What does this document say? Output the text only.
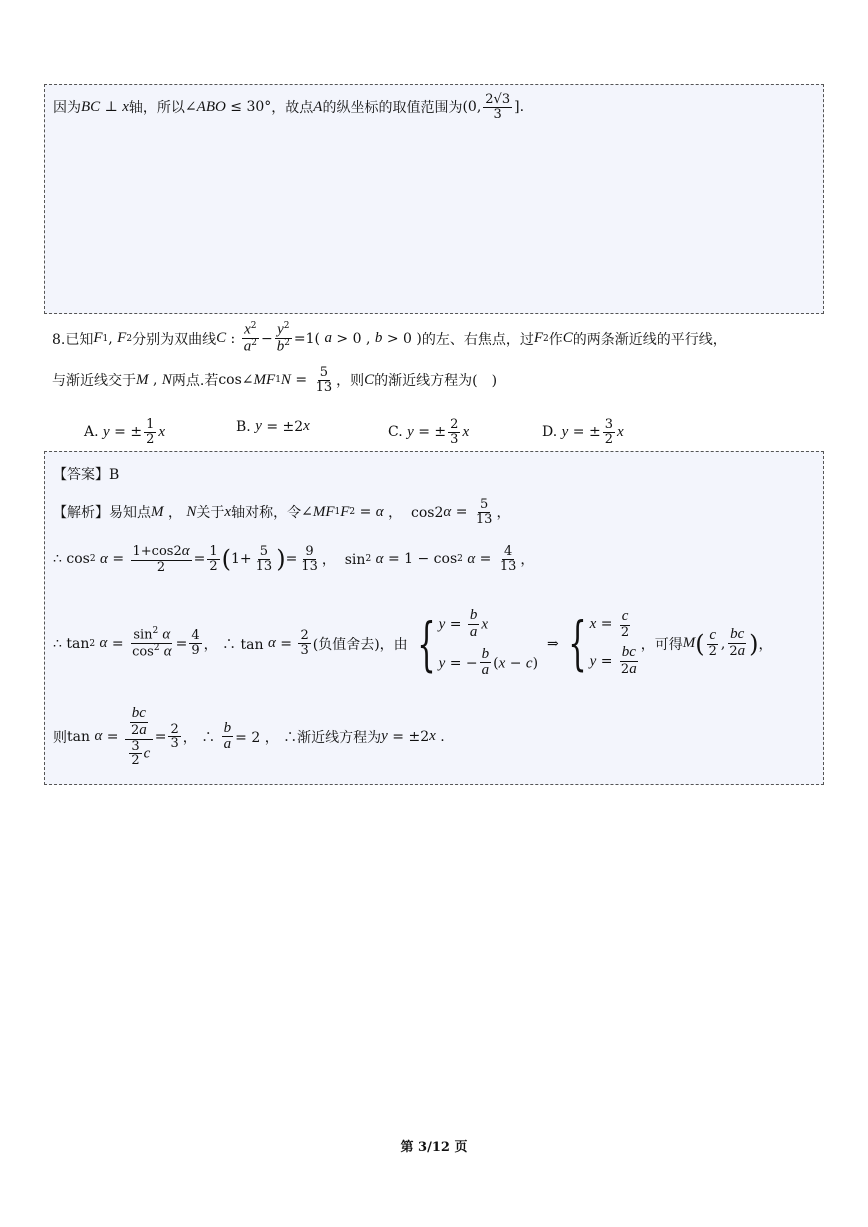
因为 BC ⊥ x 轴，所以 ∠ ABO ≤ 30° ，故点 A 的纵坐标的取值范围为 (0, $\frac{2√3}{3}$ ].
8.已知 F 1 , F 2 分别为双曲线 C : $\frac{x^2}{a^2} - \frac{y^2}{b^2} =1$( a > 0 , b > 0 ) 的左、右焦点，过 F 2 作 C 的两条渐近线的平行线，
与渐近线交于 M , N 两点.若 cos∠ MF 1 $N = \frac{5}{13}$ ，则 C 的渐近线方程为(　)
A.
y = ± $\frac{1}{2}$ x	B.
y = ±2 x	C.
y = ± $\frac{2}{3}$ x	D.
y = ± $\frac{3}{2}$ x
【答案】B
【解析】 易知点 M ， N 关于 x 轴对称，令 ∠ MF 1 F 2 = α ，  cos2 $\alpha = \frac{5}{13}$ ，
∴ cos 2
$\alpha = \frac{1+\cos 2\alpha}{2} = \frac{1}{2}$ ( $1+ \frac{5}{13}$ ) = $\frac{9}{13}$ ，  sin 2
α = 1 − cos 2
$\alpha = \frac{4}{13}$ ，
∴ tan 2
$\alpha = \frac{\sin^2 \alpha}{\cos^2 \alpha} = \frac{4}{9}$ ， ∴ $\tan \alpha = \frac{2}{3}$ (负值舍去)，由 { $y = \frac{b}{a}$ x
y = − $\frac{b}{a} (x - c)$
⇒ { $x = \frac{c}{2}$
$y = \frac{bc}{2a}$
，可得 M ( $\frac{c}{2}$ , $\frac{bc}{2a}$ ) ，
则 $\tan \alpha = \frac{\frac{bc}{2a}}{\frac{3}{2} c} = \frac{2}{3}$ ， ∴ $\frac{b}{a} = 2$ ， ∴ 渐近线方程为 y = ±2 x .
第 3/12 页
